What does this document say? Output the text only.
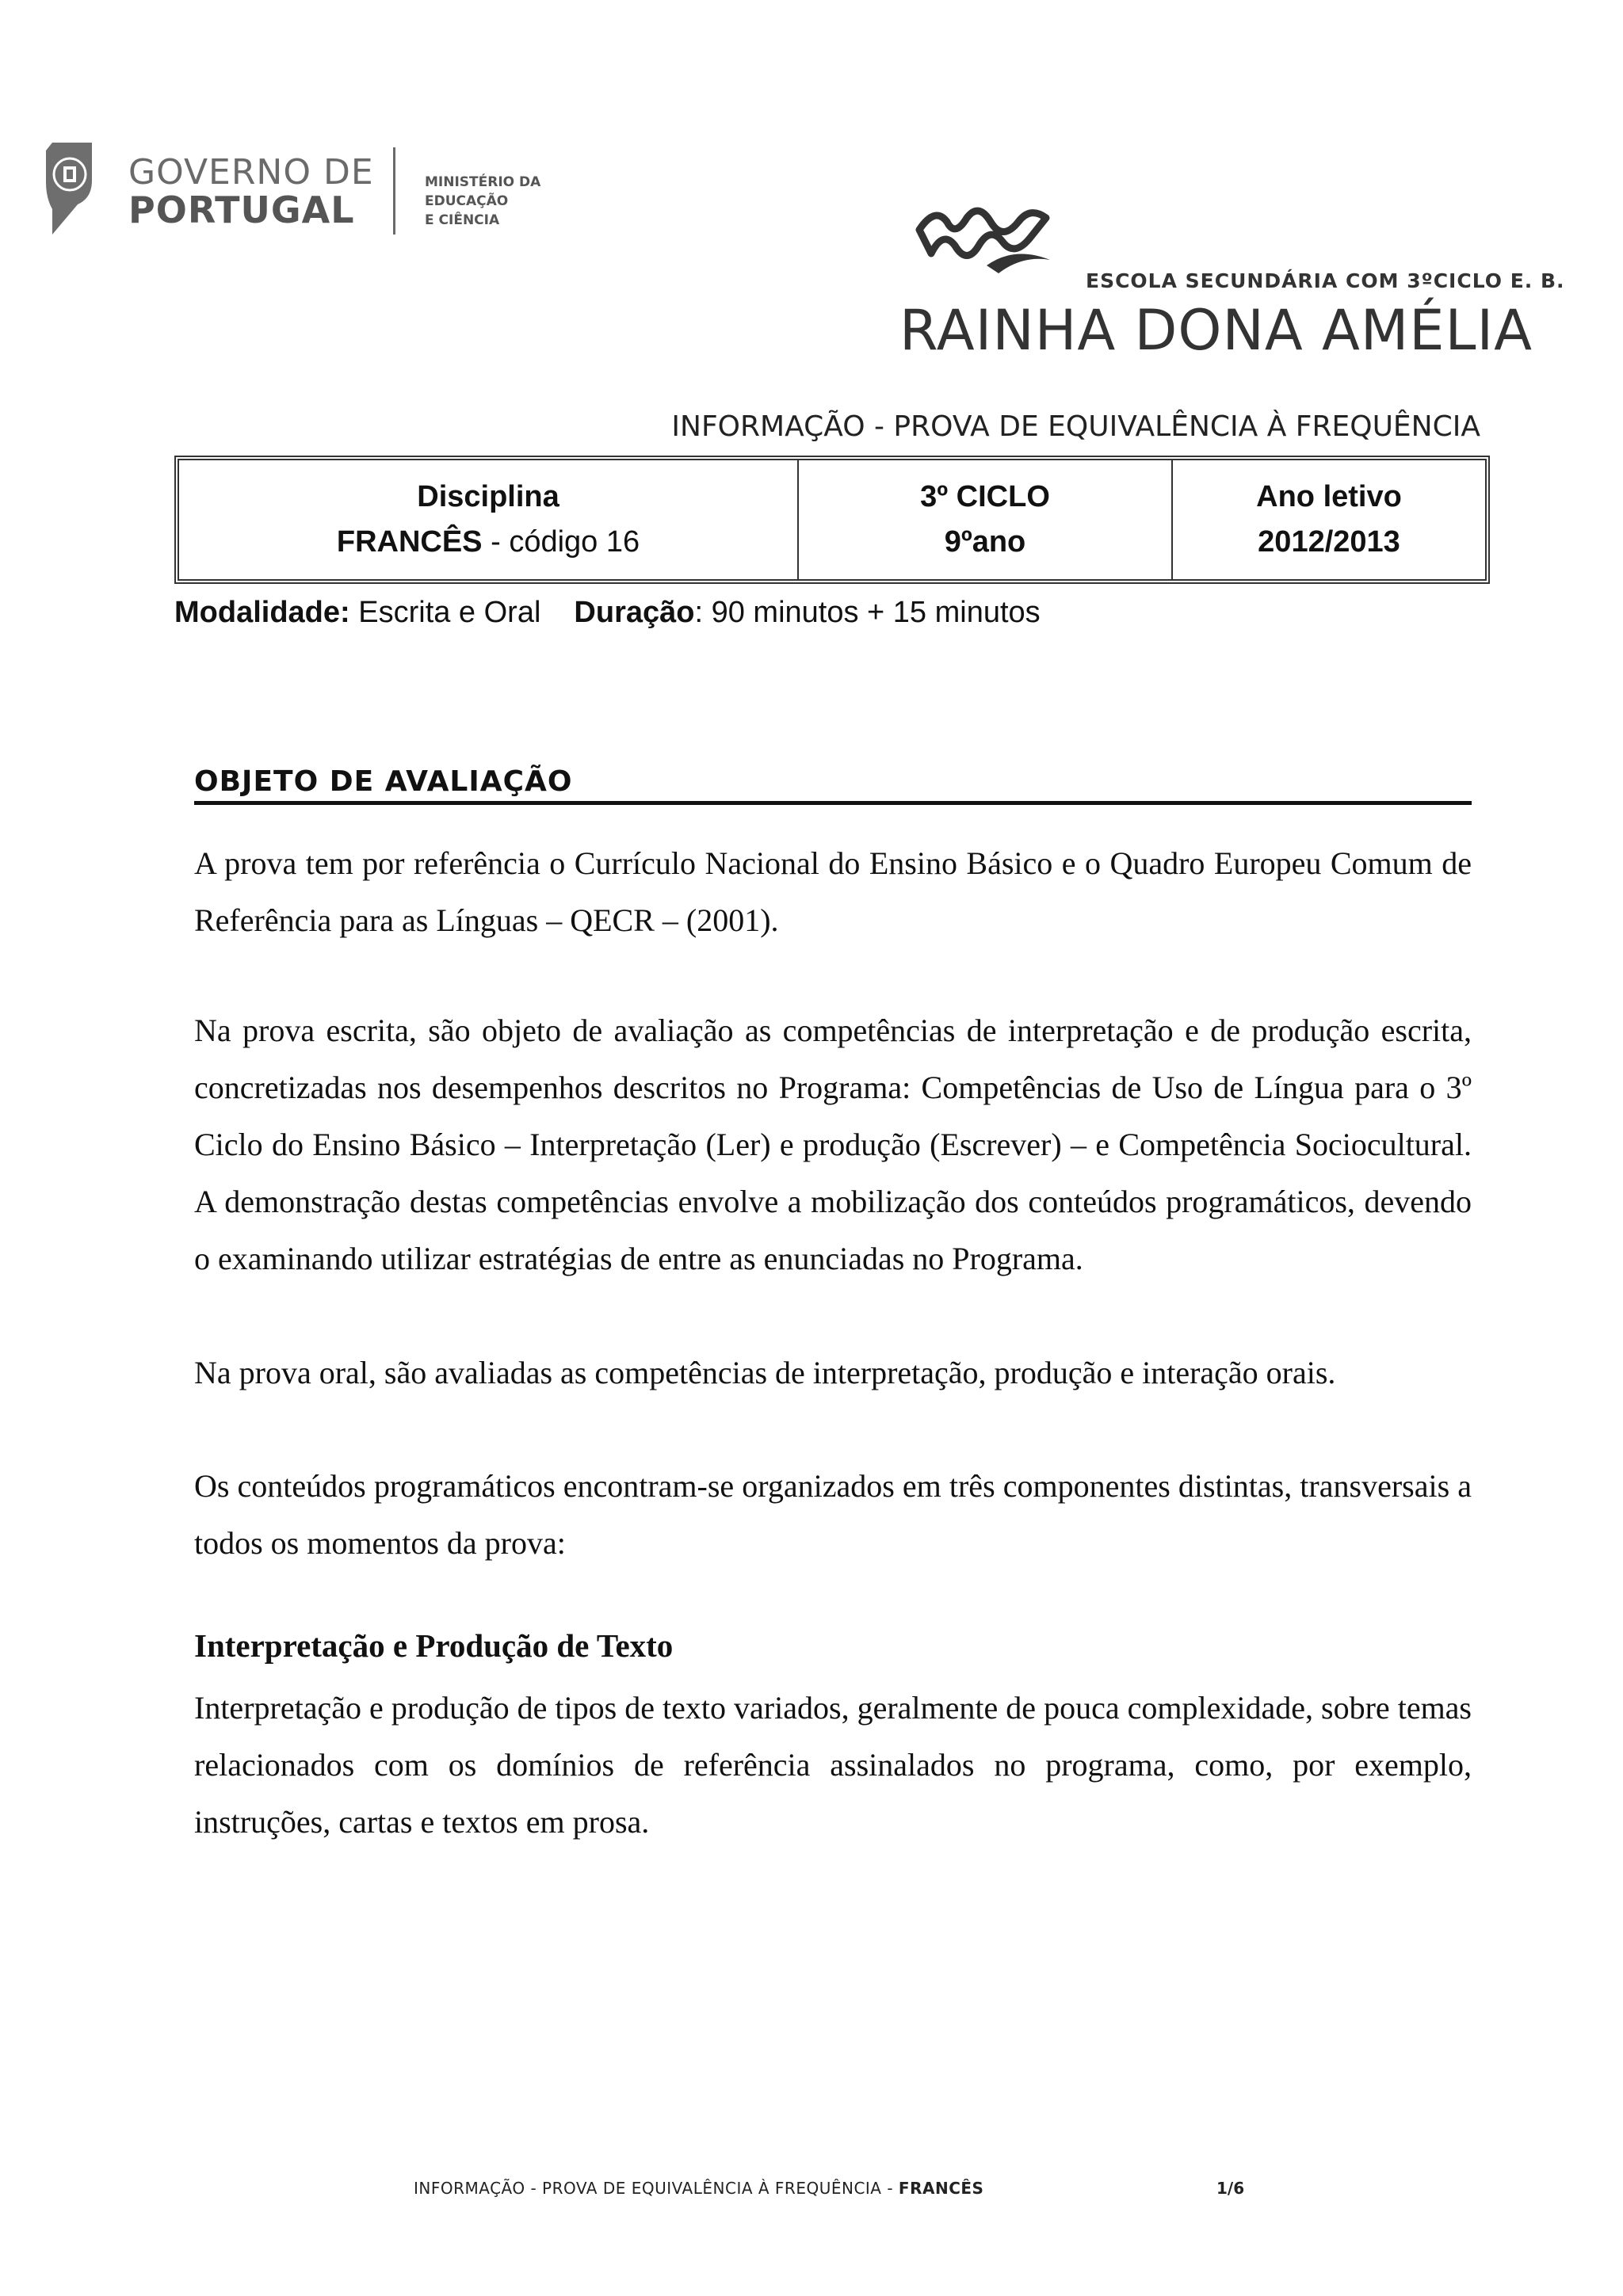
GOVERNO DE
PORTUGAL
MINISTÉRIO DA EDUCAÇÃO
E CIÊNCIA
ESCOLA SECUNDÁRIA COM 3ºCICLO E. B.
RAINHA DONA AMÉLIA
INFORMAÇÃO - PROVA DE EQUIVALÊNCIA À FREQUÊNCIA
Disciplina
FRANCÊS - código 16
3º CICLO
9ºano
Ano letivo
2012/2013
Modalidade: Escrita e Oral Duração: 90 minutos + 15 minutos
OBJETO DE AVALIAÇÃO

A prova tem por referência o Currículo Nacional do Ensino Básico e o Quadro Europeu Comum de Referência para as Línguas – QECR – (2001).

Na prova escrita, são objeto de avaliação as competências de interpretação e de produção escrita, concretizadas nos desempenhos descritos no Programa: Competências de Uso de Língua para o 3º Ciclo do Ensino Básico – Interpretação (Ler) e produção (Escrever) – e Competência Sociocultural. A demonstração destas competências envolve a mobilização dos conteúdos programáticos, devendo o examinando utilizar estratégias de entre as enunciadas no Programa.

Na prova oral, são avaliadas as competências de interpretação, produção e interação orais.

Os conteúdos programáticos encontram-se organizados em três componentes distintas, transversais a todos os momentos da prova:

Interpretação e Produção de Texto

Interpretação e produção de tipos de texto variados, geralmente de pouca complexidade, sobre temas relacionados com os domínios de referência assinalados no programa, como, por exemplo, instruções, cartas e textos em prosa.

INFORMAÇÃO - PROVA DE EQUIVALÊNCIA À FREQUÊNCIA - FRANCÊS	1/6
